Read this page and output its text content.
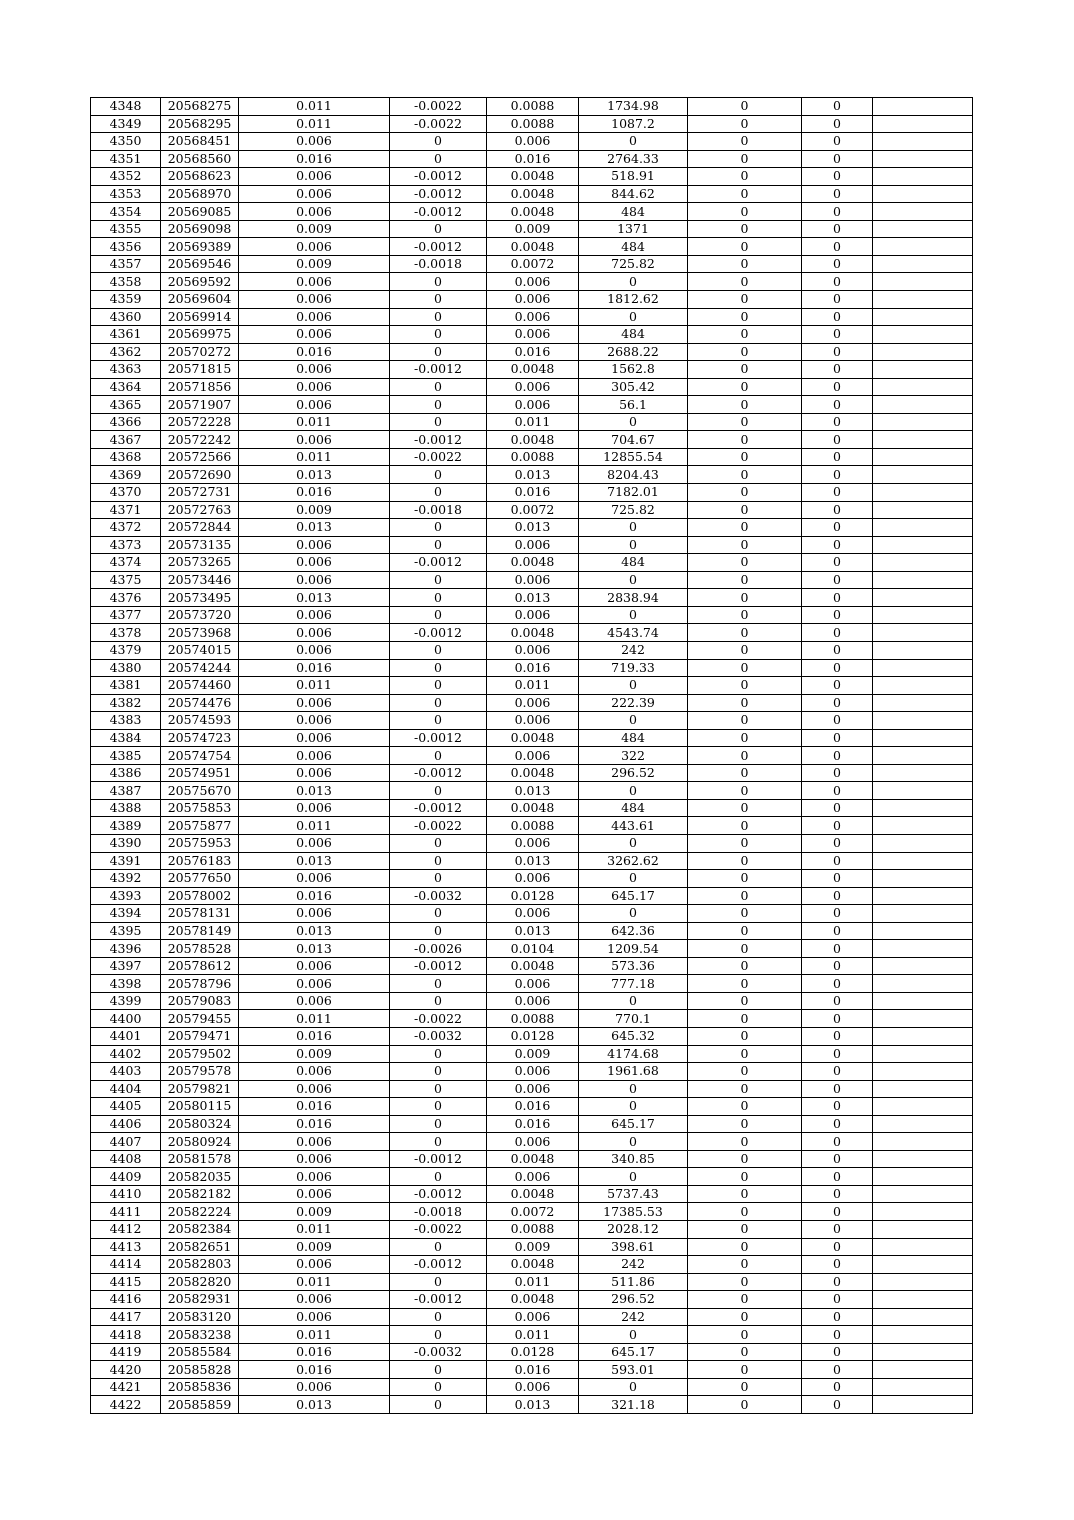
4348	20568275	0.011	-0.0022	0.0088	1734.98	0	0	
4349	20568295	0.011	-0.0022	0.0088	1087.2	0	0	
4350	20568451	0.006	0	0.006	0	0	0	
4351	20568560	0.016	0	0.016	2764.33	0	0	
4352	20568623	0.006	-0.0012	0.0048	518.91	0	0	
4353	20568970	0.006	-0.0012	0.0048	844.62	0	0	
4354	20569085	0.006	-0.0012	0.0048	484	0	0	
4355	20569098	0.009	0	0.009	1371	0	0	
4356	20569389	0.006	-0.0012	0.0048	484	0	0	
4357	20569546	0.009	-0.0018	0.0072	725.82	0	0	
4358	20569592	0.006	0	0.006	0	0	0	
4359	20569604	0.006	0	0.006	1812.62	0	0	
4360	20569914	0.006	0	0.006	0	0	0	
4361	20569975	0.006	0	0.006	484	0	0	
4362	20570272	0.016	0	0.016	2688.22	0	0	
4363	20571815	0.006	-0.0012	0.0048	1562.8	0	0	
4364	20571856	0.006	0	0.006	305.42	0	0	
4365	20571907	0.006	0	0.006	56.1	0	0	
4366	20572228	0.011	0	0.011	0	0	0	
4367	20572242	0.006	-0.0012	0.0048	704.67	0	0	
4368	20572566	0.011	-0.0022	0.0088	12855.54	0	0	
4369	20572690	0.013	0	0.013	8204.43	0	0	
4370	20572731	0.016	0	0.016	7182.01	0	0	
4371	20572763	0.009	-0.0018	0.0072	725.82	0	0	
4372	20572844	0.013	0	0.013	0	0	0	
4373	20573135	0.006	0	0.006	0	0	0	
4374	20573265	0.006	-0.0012	0.0048	484	0	0	
4375	20573446	0.006	0	0.006	0	0	0	
4376	20573495	0.013	0	0.013	2838.94	0	0	
4377	20573720	0.006	0	0.006	0	0	0	
4378	20573968	0.006	-0.0012	0.0048	4543.74	0	0	
4379	20574015	0.006	0	0.006	242	0	0	
4380	20574244	0.016	0	0.016	719.33	0	0	
4381	20574460	0.011	0	0.011	0	0	0	
4382	20574476	0.006	0	0.006	222.39	0	0	
4383	20574593	0.006	0	0.006	0	0	0	
4384	20574723	0.006	-0.0012	0.0048	484	0	0	
4385	20574754	0.006	0	0.006	322	0	0	
4386	20574951	0.006	-0.0012	0.0048	296.52	0	0	
4387	20575670	0.013	0	0.013	0	0	0	
4388	20575853	0.006	-0.0012	0.0048	484	0	0	
4389	20575877	0.011	-0.0022	0.0088	443.61	0	0	
4390	20575953	0.006	0	0.006	0	0	0	
4391	20576183	0.013	0	0.013	3262.62	0	0	
4392	20577650	0.006	0	0.006	0	0	0	
4393	20578002	0.016	-0.0032	0.0128	645.17	0	0	
4394	20578131	0.006	0	0.006	0	0	0	
4395	20578149	0.013	0	0.013	642.36	0	0	
4396	20578528	0.013	-0.0026	0.0104	1209.54	0	0	
4397	20578612	0.006	-0.0012	0.0048	573.36	0	0	
4398	20578796	0.006	0	0.006	777.18	0	0	
4399	20579083	0.006	0	0.006	0	0	0	
4400	20579455	0.011	-0.0022	0.0088	770.1	0	0	
4401	20579471	0.016	-0.0032	0.0128	645.32	0	0	
4402	20579502	0.009	0	0.009	4174.68	0	0	
4403	20579578	0.006	0	0.006	1961.68	0	0	
4404	20579821	0.006	0	0.006	0	0	0	
4405	20580115	0.016	0	0.016	0	0	0	
4406	20580324	0.016	0	0.016	645.17	0	0	
4407	20580924	0.006	0	0.006	0	0	0	
4408	20581578	0.006	-0.0012	0.0048	340.85	0	0	
4409	20582035	0.006	0	0.006	0	0	0	
4410	20582182	0.006	-0.0012	0.0048	5737.43	0	0	
4411	20582224	0.009	-0.0018	0.0072	17385.53	0	0	
4412	20582384	0.011	-0.0022	0.0088	2028.12	0	0	
4413	20582651	0.009	0	0.009	398.61	0	0	
4414	20582803	0.006	-0.0012	0.0048	242	0	0	
4415	20582820	0.011	0	0.011	511.86	0	0	
4416	20582931	0.006	-0.0012	0.0048	296.52	0	0	
4417	20583120	0.006	0	0.006	242	0	0	
4418	20583238	0.011	0	0.011	0	0	0	
4419	20585584	0.016	-0.0032	0.0128	645.17	0	0	
4420	20585828	0.016	0	0.016	593.01	0	0	
4421	20585836	0.006	0	0.006	0	0	0	
4422	20585859	0.013	0	0.013	321.18	0	0	
